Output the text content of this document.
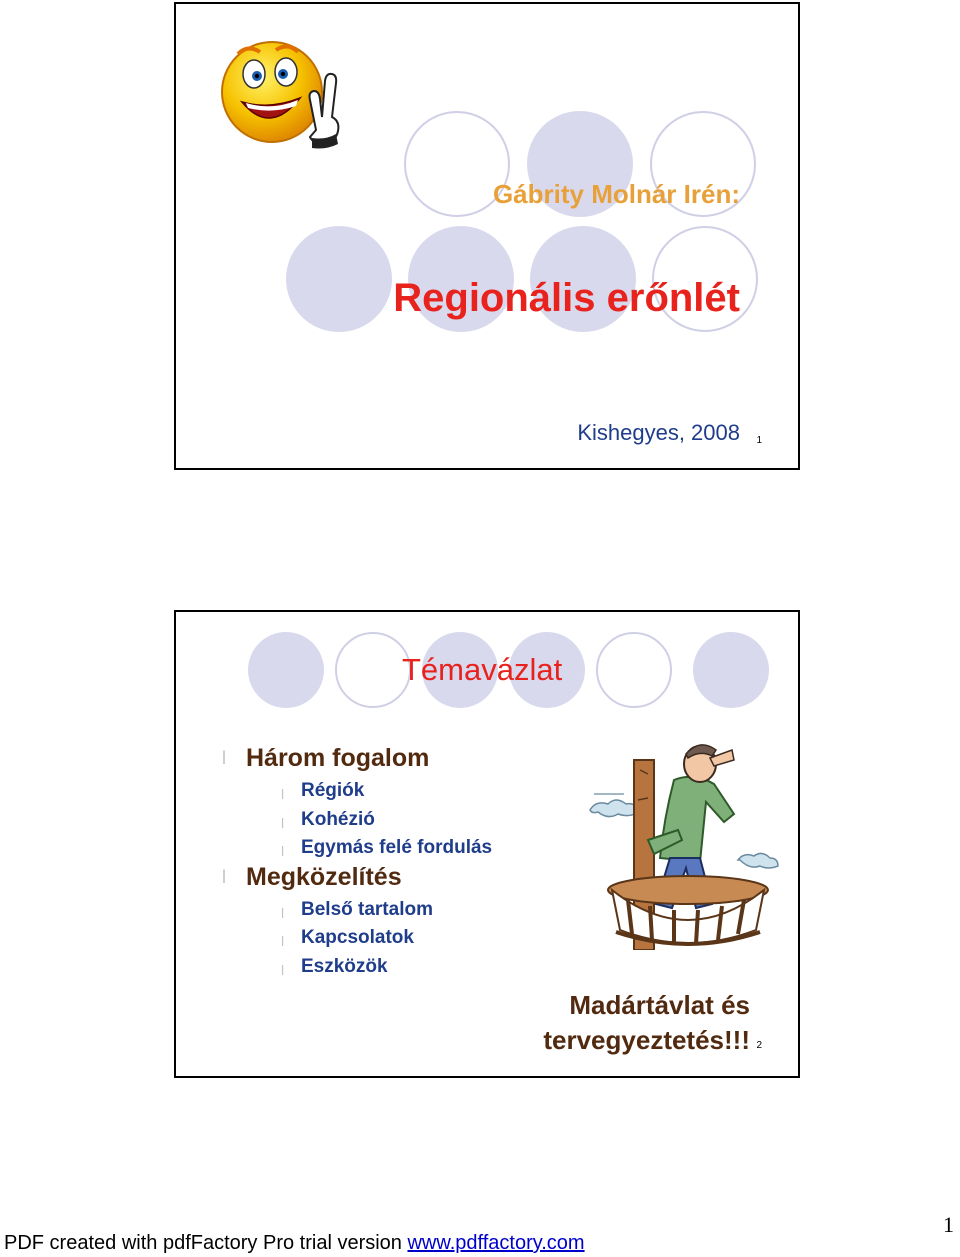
Gábrity Molnár Irén:
Regionális erőnlét
Kishegyes, 2008 1
Témavázlat
l Három fogalom
l Régiók
l Kohézió
l Egymás felé fordulás
l Megközelítés
l Belső tartalom
l Kapcsolatok
l Eszközök
Madártávlat és
tervegyeztetés!!! 2
1
PDF created with pdfFactory Pro trial version www.pdffactory.com
